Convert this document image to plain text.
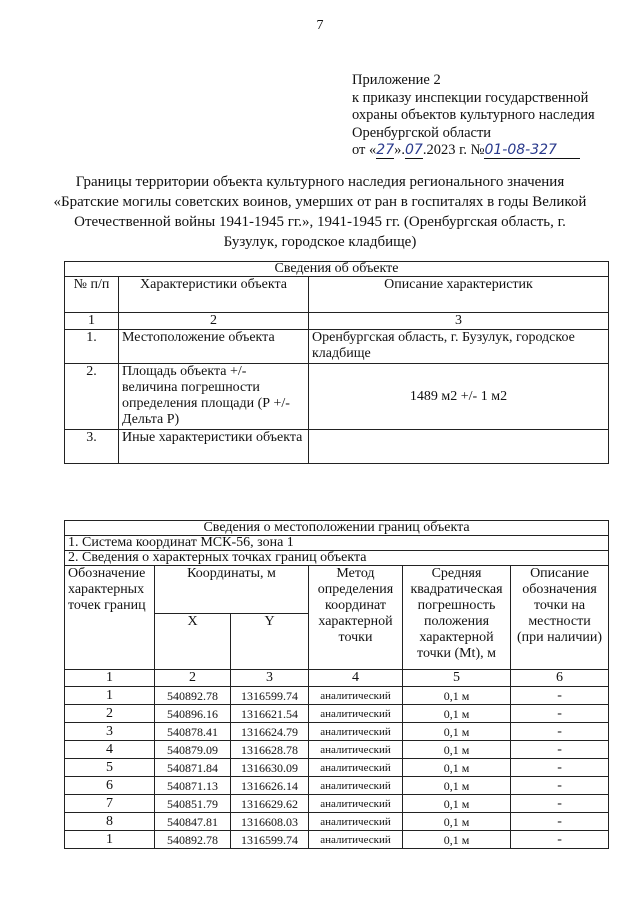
7
Приложение 2
к приказу инспекции государственной
охраны объектов культурного наследия
Оренбургской области
от «27».07.2023 г. №01-08-327
Границы территории объекта культурного наследия регионального значения
«Братские могилы советских воинов, умерших от ран в госпиталях в годы Великой
Отечественной войны 1941-1945 гг.», 1941-1945 гг. (Оренбургская область, г.
Бузулук, городское кладбище)
Сведения об объекте		
№ п/п	Характеристики объекта	Описание характеристик
1	2	3
1.	Местоположение объекта	Оренбургская область, г. Бузулук, городское кладбище
2.	Площадь объекта +/- величина погрешности определения площади (Р +/- Дельта Р)	1489 м2 +/- 1 м2
3.	Иные характеристики объекта	
Сведения о местоположении границ объекта					
1. Система координат МСК-56, зона 1					
2. Сведения о характерных точках границ объекта					
Обозначение характерных точек границ	Координаты, м		Метод определения координат характерной точки	Средняя квадратическая погрешность положения характерной точки (Mt), м	Описание обозначения точки на местности (при наличии)
	X	Y			
1	2	3	4	5	6
1	540892.78	1316599.74	аналитический	0,1 м	-
2	540896.16	1316621.54	аналитический	0,1 м	-
3	540878.41	1316624.79	аналитический	0,1 м	-
4	540879.09	1316628.78	аналитический	0,1 м	-
5	540871.84	1316630.09	аналитический	0,1 м	-
6	540871.13	1316626.14	аналитический	0,1 м	-
7	540851.79	1316629.62	аналитический	0,1 м	-
8	540847.81	1316608.03	аналитический	0,1 м	-
1	540892.78	1316599.74	аналитический	0,1 м	-
